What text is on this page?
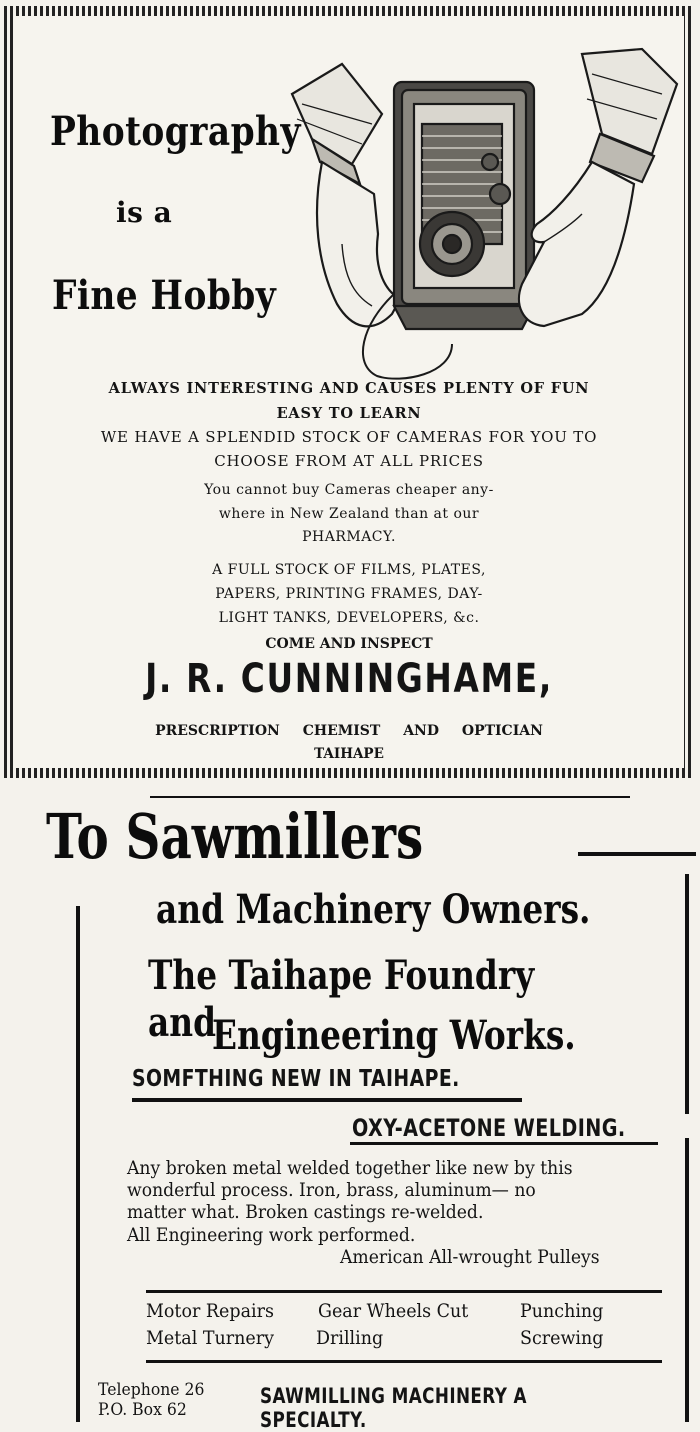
Photography
is a
Fine Hobby
ALWAYS INTERESTING AND CAUSES PLENTY OF FUN
EASY TO LEARN
WE HAVE A SPLENDID STOCK OF CAMERAS FOR YOU TO
CHOOSE FROM AT ALL PRICES
You cannot buy Cameras cheaper any-
where in New Zealand than at our
PHARMACY.
A FULL STOCK OF FILMS, PLATES,
PAPERS, PRINTING FRAMES, DAY-
LIGHT TANKS, DEVELOPERS, &c.
COME AND INSPECT
J. R. CUNNINGHAME,
PRESCRIPTION CHEMIST AND OPTICIAN
TAIHAPE
To Sawmillers
and Machinery Owners.
The Taihape Foundry and
Engineering Works.
SOMFTHING NEW IN TAIHAPE.
OXY-ACETONE WELDING.
Any broken metal welded together like new by this
wonderful process. Iron, brass, aluminum— no
matter what. Broken castings re-welded.
All Engineering work performed.
American All-wrought Pulleys
Motor Repairs Gear Wheels Cut	Punching
Metal Turnery Drilling	Screwing
Telephone 26
P.O. Box 62
SAWMILLING MACHINERY A SPECIALTY.
